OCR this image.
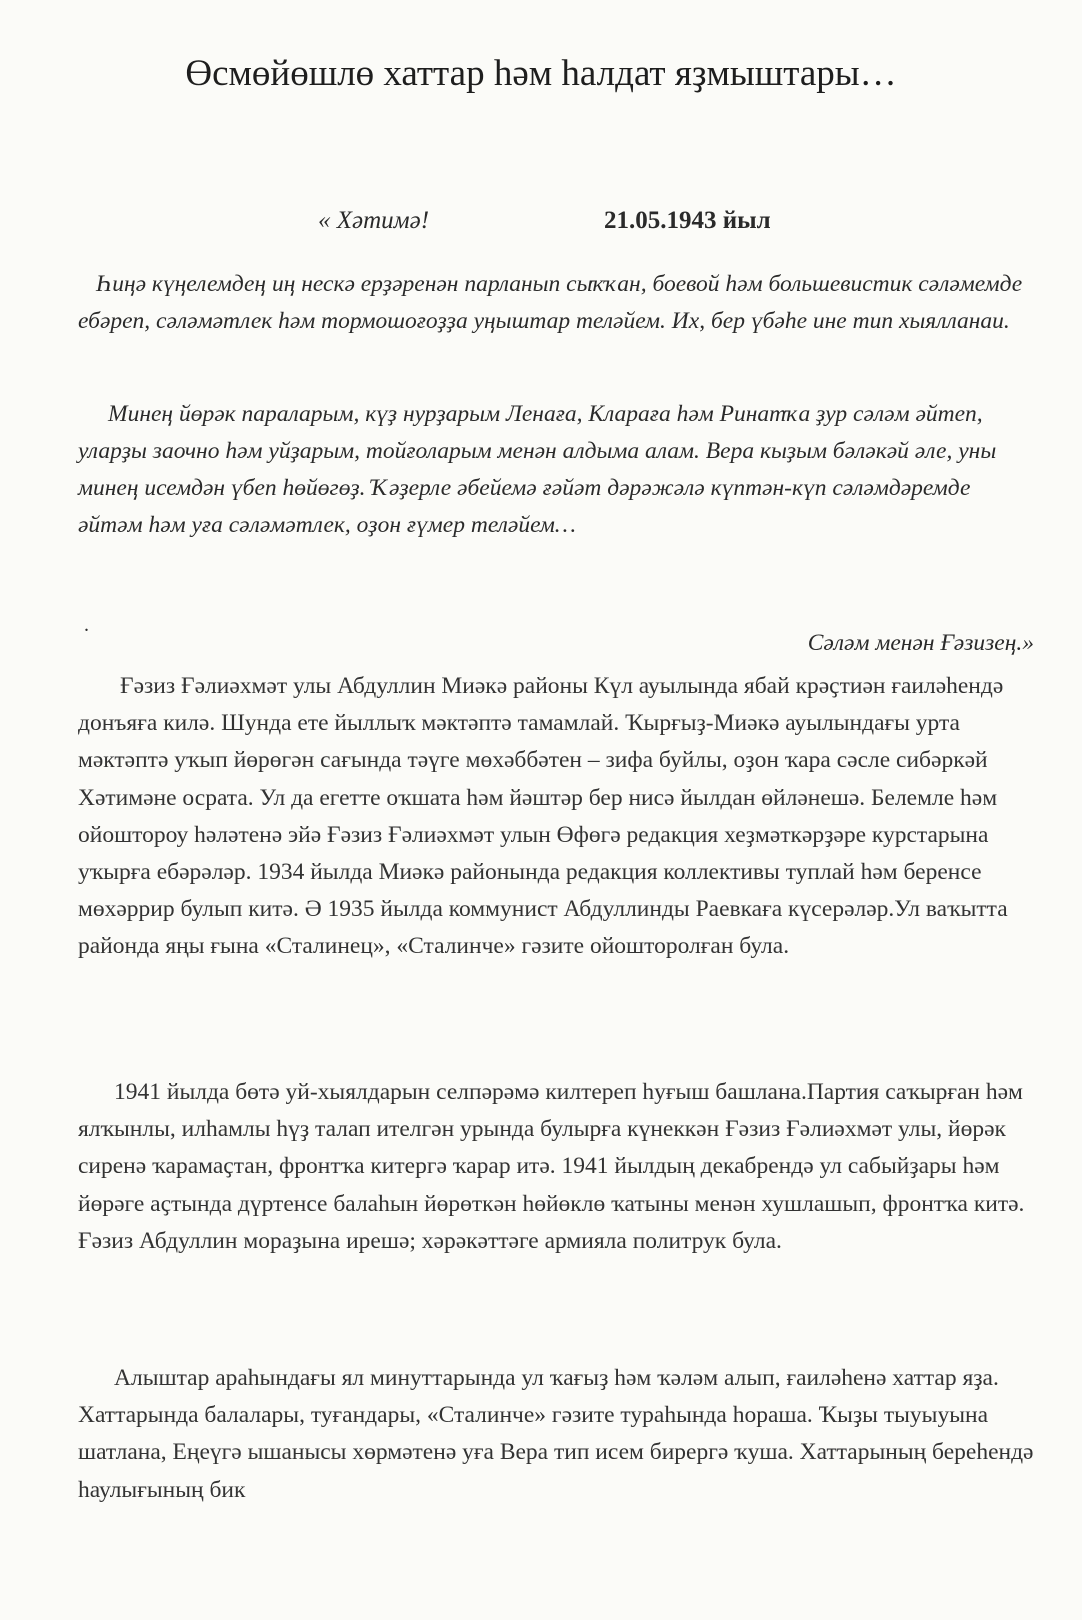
Өсмөйөшлө хаттар һәм һалдат яҙмыштары…
« Хәтимә!	21.05.1943 йыл

Һиңә күңелемдең иң нескә ерҙәренән парланып сыҡҡан, боевой һәм большевистик сәләмемде ебәреп, сәләмәтлек һәм тормошоғоҙҙа уңыштар теләйем. Их, бер үбәһе ине тип хыялланаи.

Минең йөрәк параларым, күҙ нурҙарым Ленаға, Клараға һәм Ринатҡа ҙур сәләм әйтеп, уларҙы заочно һәм уйҙарым, тойғоларым менән алдыма алам. Вера кыҙым бәләкәй әле, уны минең исемдән үбеп һөйөгөҙ. Ҡәҙерле әбейемә ғәйәт дәрәжәлә күптән-күп сәләмдәремде әйтәм һәм уға сәләмәтлек, оҙон ғүмер теләйем…

.
Сәләм менән Ғәзизең.»

Ғәзиз Ғәлиәхмәт улы Абдуллин Миәкә районы Күл ауылында ябай крәҫтиән ғаиләһендә донъяға килә. Шунда ете йыллыҡ мәктәптә тамамлай. Ҡырғыҙ-Миәкә ауылындағы урта мәктәптә уҡып йөрөгән сағында тәүге мөхәббәтен – зифа буйлы, оҙон ҡара сәсле сибәркәй Хәтимәне осрата. Ул да егетте оҡшата һәм йәштәр бер нисә йылдан өйләнешә. Белемле һәм ойоштороу һәләтенә эйә Ғәзиз Ғәлиәхмәт улын Өфөгә редакция хеҙмәткәрҙәре курстарына уҡырға ебәрәләр. 1934 йылда Миәкә районында редакция коллективы туплай һәм беренсе мөхәррир булып китә. Ә 1935 йылда коммунист Абдуллинды Раевкаға күсерәләр.Ул ваҡытта районда яңы ғына «Сталинец», «Сталинче» гәзите ойошторолған була.

1941 йылда бөтә уй-хыялдарын селпәрәмә килтереп һуғыш башлана.Партия саҡырған һәм ялҡынлы, илһамлы һүҙ талап ителгән урында булырға күнеккән Ғәзиз Ғәлиәхмәт улы, йөрәк сиренә ҡарамаҫтан, фронтҡа китергә ҡарар итә. 1941 йылдың декабрендә ул сабыйҙары һәм йөрәге аҫтында дүртенсе балаһын йөрөткән һөйөклө ҡатыны менән хушлашып, фронтҡа китә. Ғәзиз Абдуллин мораҙына ирешә; хәрәкәттәге армияла политрук була.

Алыштар араһындағы ял минуттарында ул ҡағыҙ һәм ҡәләм алып, ғаиләһенә хаттар яҙа. Хаттарында балалары, туғандары, «Сталинче» гәзите тураһында һораша. Ҡыҙы тыуыуына шатлана, Еңеүгә ышанысы хөрмәтенә уға Вера тип исем бирергә ҡуша. Хаттарының береһендә һаулығының бик
